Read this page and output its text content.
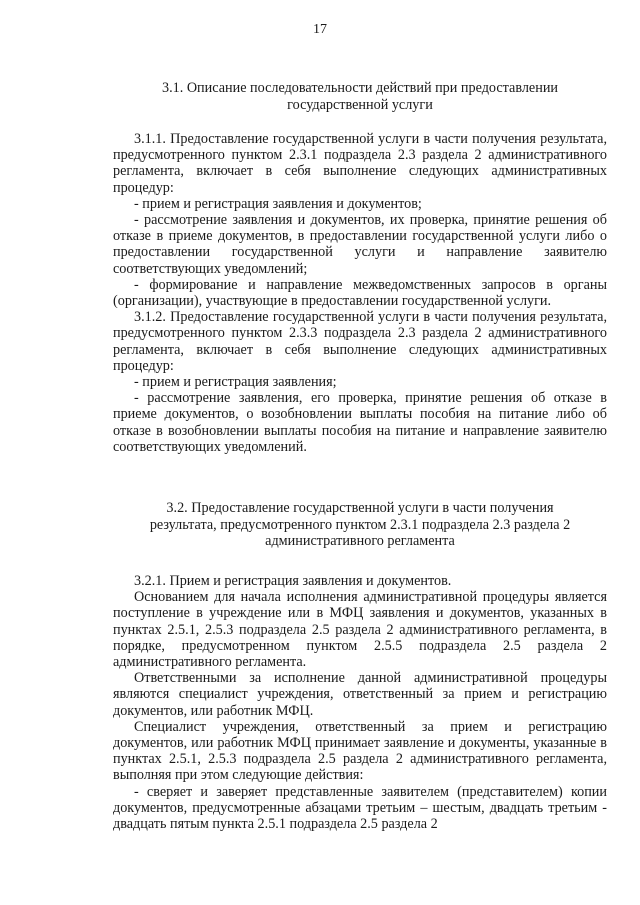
17
3.1. Описание последовательности действий при предоставлении
государственной услуги

3.1.1. Предоставление государственной услуги в части получения результата, предусмотренного пунктом 2.3.1 подраздела 2.3 раздела 2 административного регламента, включает в себя выполнение следующих административных процедур:

- прием и регистрация заявления и документов;

- рассмотрение заявления и документов, их проверка, принятие решения об отказе в приеме документов, в предоставлении государственной услуги либо о предоставлении государственной услуги и направление заявителю соответствующих уведомлений;

- формирование и направление межведомственных запросов в органы (организации), участвующие в предоставлении государственной услуги.

3.1.2. Предоставление государственной услуги в части получения результата, предусмотренного пунктом 2.3.3 подраздела 2.3 раздела 2 административного регламента, включает в себя выполнение следующих административных процедур:

- прием и регистрация заявления;

- рассмотрение заявления, его проверка, принятие решения об отказе в приеме документов, о возобновлении выплаты пособия на питание либо об отказе в возобновлении выплаты пособия на питание и направление заявителю соответствующих уведомлений.

3.2. Предоставление государственной услуги в части получения
результата, предусмотренного пунктом 2.3.1 подраздела 2.3 раздела 2
административного регламента

3.2.1. Прием и регистрация заявления и документов.

Основанием для начала исполнения административной процедуры является поступление в учреждение или в МФЦ заявления и документов, указанных в пунктах 2.5.1, 2.5.3 подраздела 2.5 раздела 2 административного регламента, в порядке, предусмотренном пунктом 2.5.5 подраздела 2.5 раздела 2 административного регламента.

Ответственными за исполнение данной административной процедуры являются специалист учреждения, ответственный за прием и регистрацию документов, или работник МФЦ.

Специалист учреждения, ответственный за прием и регистрацию документов, или работник МФЦ принимает заявление и документы, указанные в пунктах 2.5.1, 2.5.3 подраздела 2.5 раздела 2 административного регламента, выполняя при этом следующие действия:

- сверяет и заверяет представленные заявителем (представителем) копии документов, предусмотренные абзацами третьим – шестым, двадцать третьим - двадцать пятым пункта 2.5.1 подраздела 2.5 раздела 2
